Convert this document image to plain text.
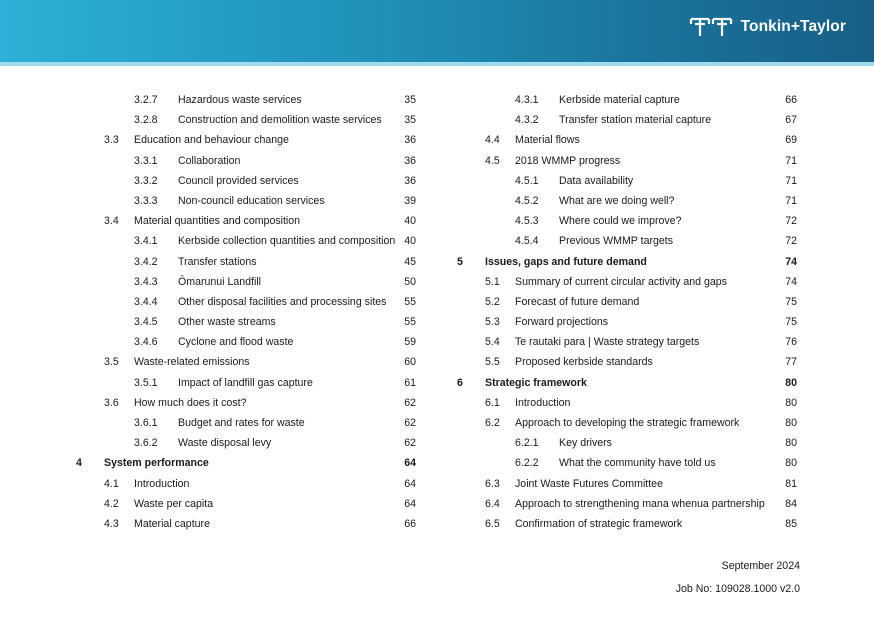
Tonkin+Taylor
3.2.7 Hazardous waste services	35
3.2.8 Construction and demolition waste services 35
3.3 Education and behaviour change	36
3.3.1 Collaboration	36
3.3.2 Council provided services	36
3.3.3 Non-council education services	39
3.4 Material quantities and composition	40
3.4.1 Kerbside collection quantities and composition 40
3.4.2 Transfer stations	45
3.4.3 Ōmarunui Landfill	50
3.4.4 Other disposal facilities and processing sites 55
3.4.5 Other waste streams	55
3.4.6 Cyclone and flood waste	59
3.5 Waste-related emissions	60
3.5.1 Impact of landfill gas capture	61
3.6 How much does it cost?	62
3.6.1 Budget and rates for waste	62
3.6.2 Waste disposal levy	62
4 System performance	64
4.1 Introduction	64
4.2 Waste per capita	64
4.3 Material capture	66
4.3.1 Kerbside material capture	66
4.3.2 Transfer station material capture	67
4.4 Material flows	69
4.5 2018 WMMP progress	71
4.5.1 Data availability	71
4.5.2 What are we doing well?	71
4.5.3 Where could we improve?	72
4.5.4 Previous WMMP targets	72
5 Issues, gaps and future demand	74
5.1 Summary of current circular activity and gaps	74
5.2 Forecast of future demand	75
5.3 Forward projections	75
5.4 Te rautaki para | Waste strategy targets	76
5.5 Proposed kerbside standards	77
6 Strategic framework	80
6.1 Introduction	80
6.2 Approach to developing the strategic framework	80
6.2.1 Key drivers	80
6.2.2 What the community have told us	80
6.3 Joint Waste Futures Committee	81
6.4 Approach to strengthening mana whenua partnership 84
6.5 Confirmation of strategic framework	85
September 2024
Job No: 109028.1000 v2.0
